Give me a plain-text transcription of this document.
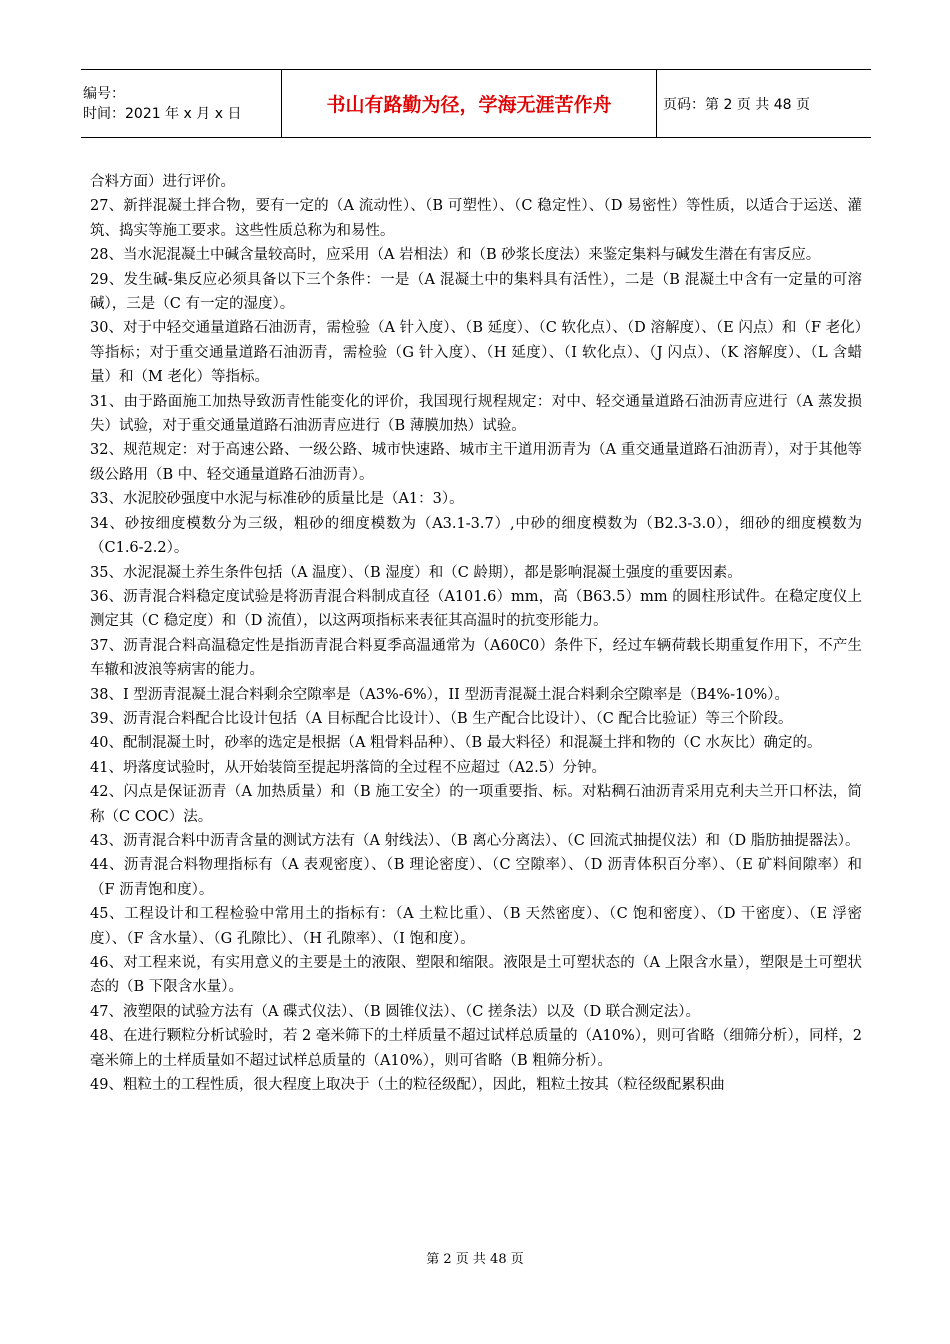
编号：
时间：2021 年 x 月 x 日	书山有路勤为径，学海无涯苦作舟	页码：第 2 页 共 48 页

合料方面）进行评价。

27、新拌混凝土拌合物，要有一定的（A 流动性）、（B 可塑性）、（C 稳定性）、（D 易密性）等性质，以适合于运送、灌筑、捣实等施工要求。这些性质总称为和易性。

28、当水泥混凝土中碱含量较高时，应采用（A 岩相法）和（B 砂浆长度法）来鉴定集料与碱发生潜在有害反应。

29、发生碱-集反应必须具备以下三个条件：一是（A 混凝土中的集料具有活性），二是（B 混凝土中含有一定量的可溶碱），三是（C 有一定的湿度）。

30、对于中轻交通量道路石油沥青，需检验（A 针入度）、（B 延度）、（C 软化点）、（D 溶解度）、（E 闪点）和（F 老化）等指标；对于重交通量道路石油沥青，需检验（G 针入度）、（H 延度）、（I 软化点）、（J 闪点）、（K 溶解度）、（L 含蜡量）和（M 老化）等指标。

31、由于路面施工加热导致沥青性能变化的评价，我国现行规程规定：对中、轻交通量道路石油沥青应进行（A 蒸发损失）试验，对于重交通量道路石油沥青应进行（B 薄膜加热）试验。

32、规范规定：对于高速公路、一级公路、城市快速路、城市主干道用沥青为（A 重交通量道路石油沥青），对于其他等级公路用（B 中、轻交通量道路石油沥青）。

33、水泥胶砂强度中水泥与标准砂的质量比是（A1：3）。

34、砂按细度模数分为三级，粗砂的细度模数为（A3.1-3.7）,中砂的细度模数为（B2.3-3.0），细砂的细度模数为（C1.6-2.2）。

35、水泥混凝土养生条件包括（A 温度）、（B 湿度）和（C 龄期），都是影响混凝土强度的重要因素。

36、沥青混合料稳定度试验是将沥青混合料制成直径（A101.6）mm，高（B63.5）mm 的圆柱形试件。在稳定度仪上测定其（C 稳定度）和（D 流值），以这两项指标来表征其高温时的抗变形能力。

37、沥青混合料高温稳定性是指沥青混合料夏季高温通常为（A60C0）条件下，经过车辆荷载长期重复作用下，不产生车辙和波浪等病害的能力。

38、I 型沥青混凝土混合料剩余空隙率是（A3%-6%），II 型沥青混凝土混合料剩余空隙率是（B4%-10%）。

39、沥青混合料配合比设计包括（A 目标配合比设计）、（B 生产配合比设计）、（C 配合比验证）等三个阶段。

40、配制混凝土时，砂率的选定是根据（A 粗骨料品种）、（B 最大料径）和混凝土拌和物的（C 水灰比）确定的。

41、坍落度试验时，从开始装筒至提起坍落筒的全过程不应超过（A2.5）分钟。

42、闪点是保证沥青（A 加热质量）和（B 施工安全）的一项重要指、标。对粘稠石油沥青采用克利夫兰开口杯法，简称（C COC）法。

43、沥青混合料中沥青含量的测试方法有（A 射线法）、（B 离心分离法）、（C 回流式抽提仪法）和（D 脂肪抽提器法）。

44、沥青混合料物理指标有（A 表观密度）、（B 理论密度）、（C 空隙率）、（D 沥青体积百分率）、（E 矿料间隙率）和（F 沥青饱和度）。

45、工程设计和工程检验中常用土的指标有：（A 土粒比重）、（B 天然密度）、（C 饱和密度）、（D 干密度）、（E 浮密度）、（F 含水量）、（G 孔隙比）、（H 孔隙率）、（I 饱和度）。

46、对工程来说，有实用意义的主要是土的液限、塑限和缩限。液限是土可塑状态的（A 上限含水量），塑限是土可塑状态的（B 下限含水量）。

47、液塑限的试验方法有（A 碟式仪法）、（B 圆锥仪法）、（C 搓条法）以及（D 联合测定法）。

48、在进行颗粒分析试验时，若 2 毫米筛下的土样质量不超过试样总质量的（A10%），则可省略（细筛分析），同样，2 毫米筛上的土样质量如不超过试样总质量的（A10%），则可省略（B 粗筛分析）。

49、粗粒土的工程性质，很大程度上取决于（土的粒径级配），因此，粗粒土按其（粒径级配累积曲

第 2 页 共 48 页
